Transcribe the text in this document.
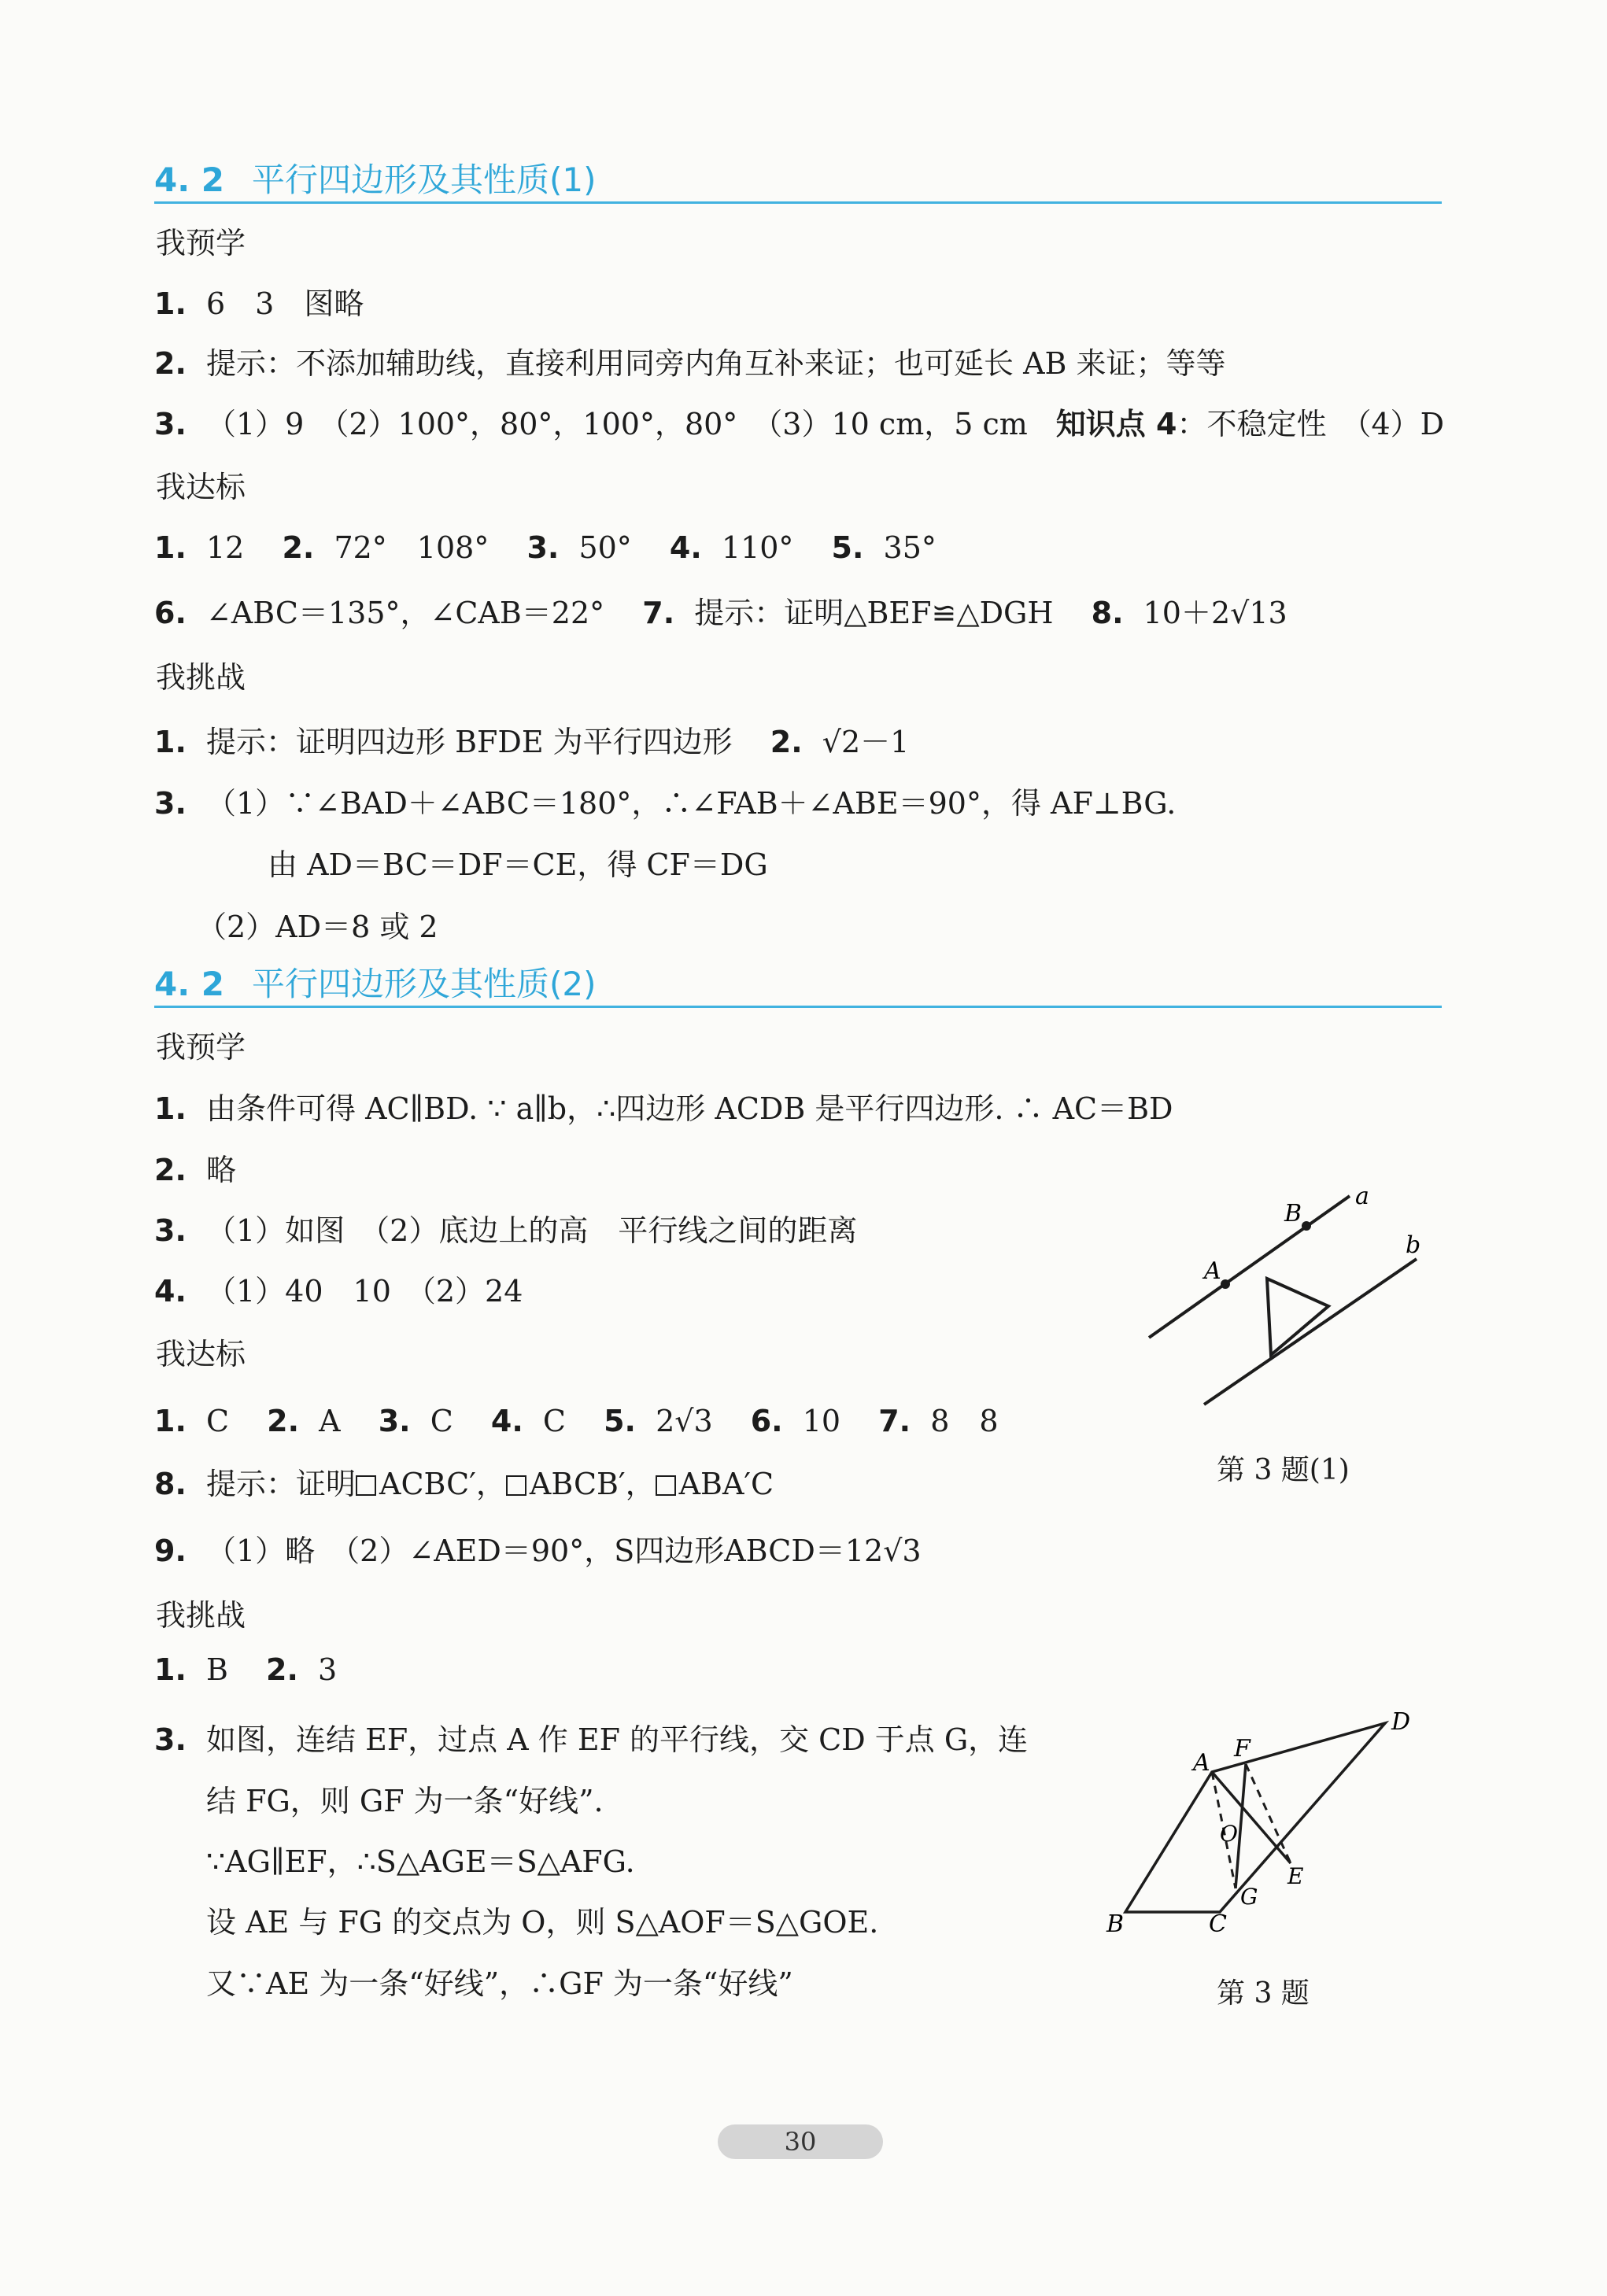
4. 2 平行四边形及其性质(1)
我预学
1. 6　3　图略
2. 提示：不添加辅助线，直接利用同旁内角互补来证；也可延长 AB 来证；等等
3. （1）9　（2）100°，80°，100°，80°　（3）10 cm，5 cm 知识点 4：不稳定性　（4）D
我达标
1. 12 2. 72°　108° 3. 50° 4. 110° 5. 35°
6. ∠ABC＝135°，∠CAB＝22° 7. 提示：证明△BEF≌△DGH 8. 10＋2√13
我挑战
1. 提示：证明四边形 BFDE 为平行四边形 2. √2－1
3. （1）∵∠BAD＋∠ABC＝180°，∴∠FAB＋∠ABE＝90°，得 AF⊥BG.
由 AD＝BC＝DF＝CE，得 CF＝DG
（2）AD＝8 或 2
4. 2 平行四边形及其性质(2)
我预学
1. 由条件可得 AC∥BD. ∵ a∥b，∴四边形 ACDB 是平行四边形. ∴ AC＝BD
2. 略
3. （1）如图　（2）底边上的高　平行线之间的距离
4. （1）40　10　（2）24
我达标
1. C 2. A 3. C 4. C 5. 2√3 6. 10 7. 8　8
8. 提示：证明 ACBC′， ABCB′， ABA′C
9. （1）略　（2）∠AED＝90°，S四边形ABCD＝12√3
我挑战
1. B 2. 3
3. 如图，连结 EF，过点 A 作 EF 的平行线，交 CD 于点 G，连
结 FG，则 GF 为一条“好线”.
∵AG∥EF，∴S△AGE＝S△AFG.
设 AE 与 FG 的交点为 O，则 S△AOF＝S△GOE.
又∵AE 为一条“好线”，∴GF 为一条“好线”
A
B
a
b
第 3 题(1)
B	C
D
A
F
O
E
G
第 3 题
30
